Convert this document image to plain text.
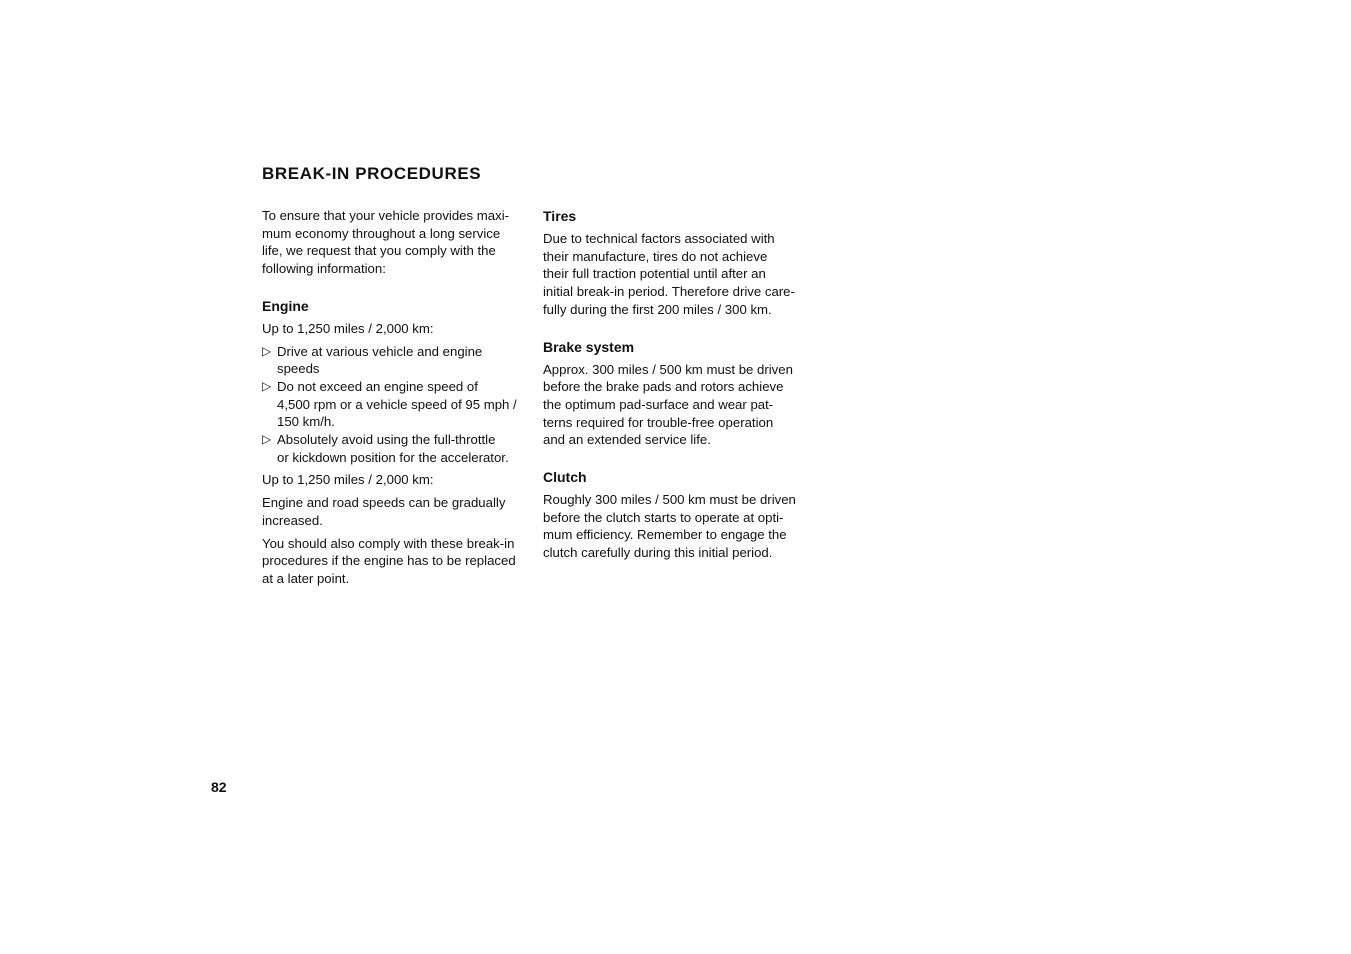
BREAK-IN PROCEDURES

To ensure that your vehicle provides maxi-
mum economy throughout a long service
life, we request that you comply with the
following information:

Engine

Up to 1,250 miles / 2,000 km:

▷ Drive at various vehicle and engine
speeds
▷ Do not exceed an engine speed of
4,500 rpm or a vehicle speed of 95 mph /
150 km/h.
▷ Absolutely avoid using the full-throttle
or kickdown position for the accelerator.

Up to 1,250 miles / 2,000 km:

Engine and road speeds can be gradually
increased.

You should also comply with these break-in
procedures if the engine has to be replaced
at a later point.

Tires

Due to technical factors associated with
their manufacture, tires do not achieve
their full traction potential until after an
initial break-in period. Therefore drive care-
fully during the first 200 miles / 300 km.

Brake system

Approx. 300 miles / 500 km must be driven
before the brake pads and rotors achieve
the optimum pad-surface and wear pat-
terns required for trouble-free operation
and an extended service life.

Clutch

Roughly 300 miles / 500 km must be driven
before the clutch starts to operate at opti-
mum efficiency. Remember to engage the
clutch carefully during this initial period.

82
